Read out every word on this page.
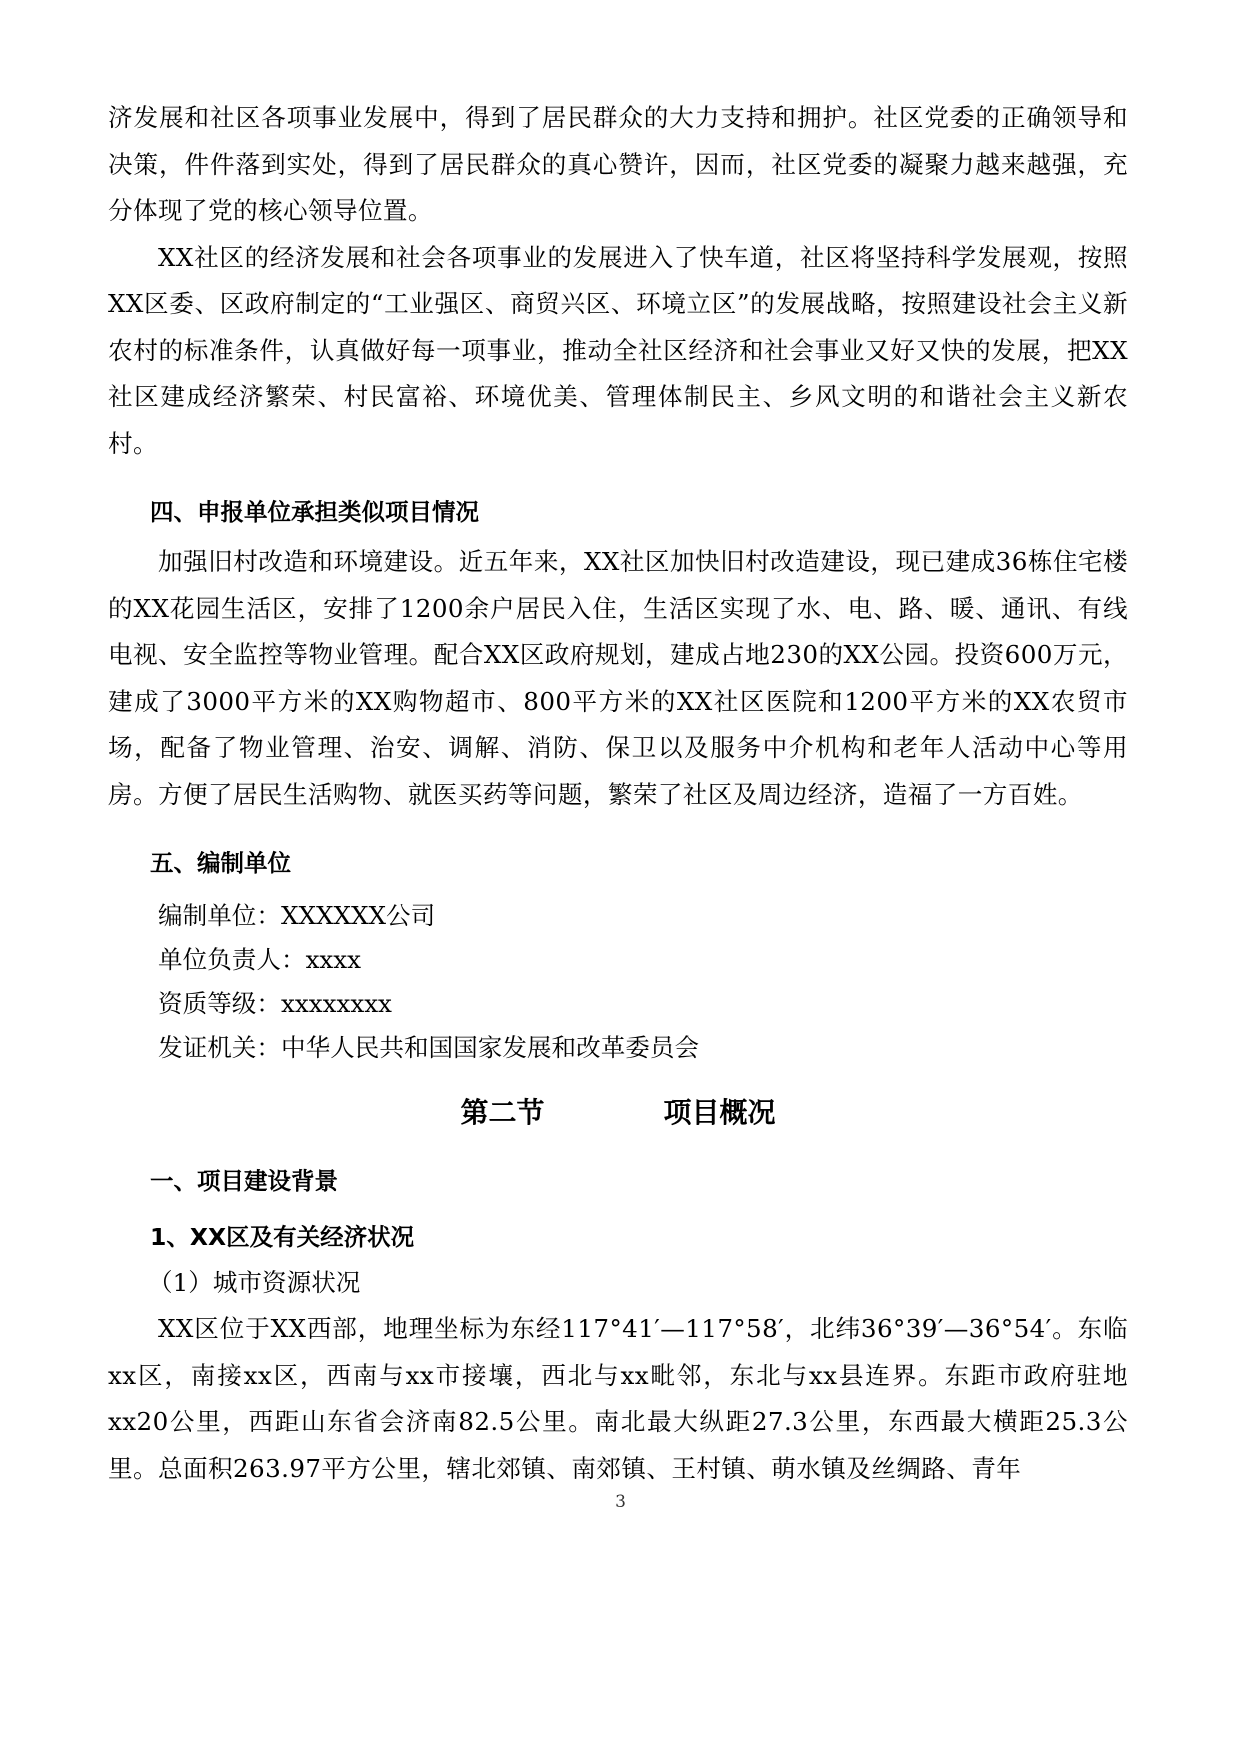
济发展和社区各项事业发展中，得到了居民群众的大力支持和拥护。社区党委的正确领导和决策，件件落到实处，得到了居民群众的真心赞许，因而，社区党委的凝聚力越来越强，充分体现了党的核心领导位置。

XX社区的经济发展和社会各项事业的发展进入了快车道，社区将坚持科学发展观，按照XX区委、区政府制定的“工业强区、商贸兴区、环境立区”的发展战略，按照建设社会主义新农村的标准条件，认真做好每一项事业，推动全社区经济和社会事业又好又快的发展，把XX社区建成经济繁荣、村民富裕、环境优美、管理体制民主、乡风文明的和谐社会主义新农村。

四、申报单位承担类似项目情况

加强旧村改造和环境建设。近五年来，XX社区加快旧村改造建设，现已建成36栋住宅楼的XX花园生活区，安排了1200余户居民入住，生活区实现了水、电、路、暖、通讯、有线电视、安全监控等物业管理。配合XX区政府规划，建成占地230的XX公园。投资600万元，建成了3000平方米的XX购物超市、800平方米的XX社区医院和1200平方米的XX农贸市场，配备了物业管理、治安、调解、消防、保卫以及服务中介机构和老年人活动中心等用房。方便了居民生活购物、就医买药等问题，繁荣了社区及周边经济，造福了一方百姓。

五、编制单位

编制单位：XXXXXX公司

单位负责人：xxxx

资质等级：xxxxxxxx

发证机关：中华人民共和国国家发展和改革委员会

第二节    项目概况
一、项目建设背景
1、XX区及有关经济状况

（1）城市资源状况

XX区位于XX西部，地理坐标为东经117°41′—117°58′，北纬36°39′—36°54′。东临xx区，南接xx区，西南与xx市接壤，西北与xx毗邻，东北与xx县连界。东距市政府驻地xx20公里，西距山东省会济南82.5公里。南北最大纵距27.3公里，东西最大横距25.3公里。总面积263.97平方公里，辖北郊镇、南郊镇、王村镇、萌水镇及丝绸路、青年

3
